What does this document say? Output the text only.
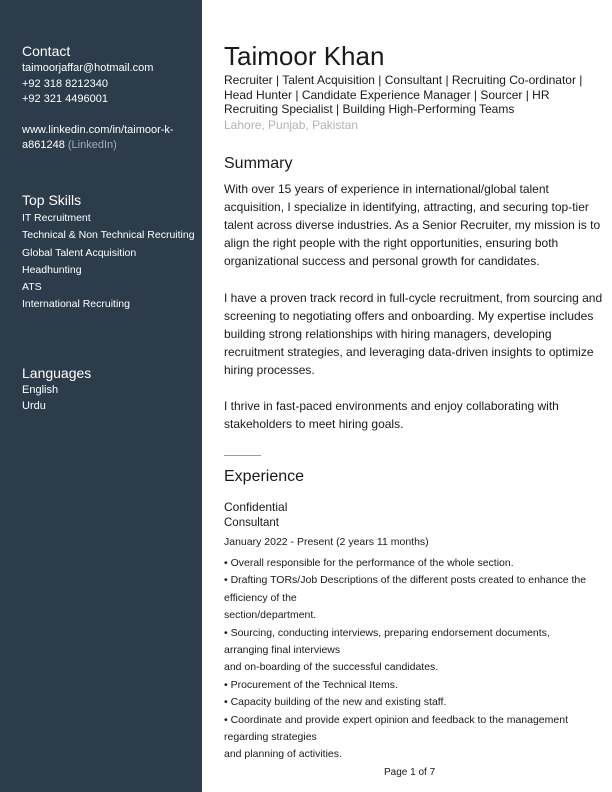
Contact
taimoorjaffar@hotmail.com
+92 318 8212340
+92 321 4496001
www.linkedin.com/in/taimoor-k-
a861248 (LinkedIn)
Top Skills
IT Recruitment
Technical & Non Technical Recruiting
Global Talent Acquisition
Headhunting
ATS
International Recruiting
Languages
English
Urdu
Taimoor Khan
Recruiter | Talent Acquisition | Consultant | Recruiting Co-ordinator | Head Hunter | Candidate Experience Manager | Sourcer | HR Recruiting Specialist | Building High-Performing Teams
Lahore, Punjab, Pakistan
Summary
With over 15 years of experience in international/global talent acquisition, I specialize in identifying, attracting, and securing top-tier talent across diverse industries. As a Senior Recruiter, my mission is to align the right people with the right opportunities, ensuring both organizational success and personal growth for candidates.
I have a proven track record in full-cycle recruitment, from sourcing and screening to negotiating offers and onboarding. My expertise includes building strong relationships with hiring managers, developing recruitment strategies, and leveraging data-driven insights to optimize hiring processes.
I thrive in fast-paced environments and enjoy collaborating with stakeholders to meet hiring goals.
Experience
Confidential
Consultant
January 2022 - Present (2 years 11 months)
• Overall responsible for the performance of the whole section.
• Drafting TORs/Job Descriptions of the different posts created to enhance the
efficiency of the
section/department.
• Sourcing, conducting interviews, preparing endorsement documents,
arranging final interviews
and on-boarding of the successful candidates.
• Procurement of the Technical Items.
• Capacity building of the new and existing staff.
• Coordinate and provide expert opinion and feedback to the management
regarding strategies
and planning of activities.
Page 1 of 7
